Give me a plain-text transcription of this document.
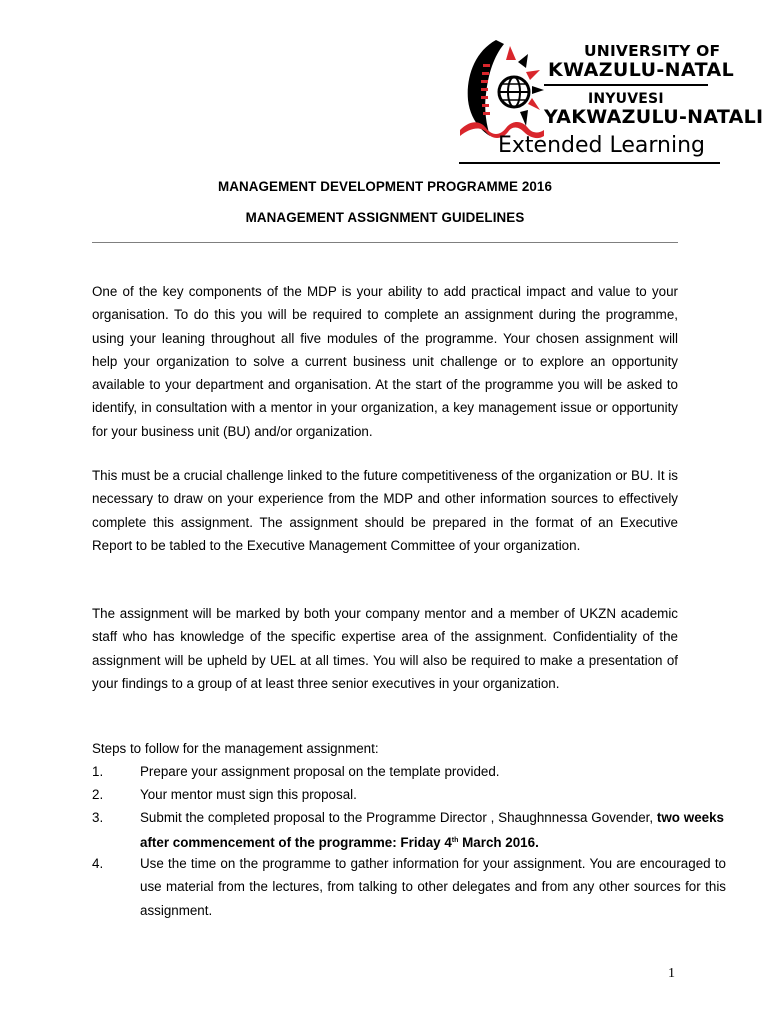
UNIVERSITY OF
KWAZULU-NATAL
INYUVESI
YAKWAZULU-NATALI
Extended Learning
MANAGEMENT DEVELOPMENT PROGRAMME 2016
MANAGEMENT ASSIGNMENT GUIDELINES
One of the key components of the MDP is your ability to add practical impact and value to your organisation. To do this you will be required to complete an assignment during the programme, using your leaning throughout all five modules of the programme. Your chosen assignment will help your organization to solve a current business unit challenge or to explore an opportunity available to your department and organisation. At the start of the programme you will be asked to identify, in consultation with a mentor in your organization, a key management issue or opportunity for your business unit (BU) and/or organization.
This must be a crucial challenge linked to the future competitiveness of the organization or BU. It is necessary to draw on your experience from the MDP and other information sources to effectively complete this assignment. The assignment should be prepared in the format of an Executive Report to be tabled to the Executive Management Committee of your organization.
The assignment will be marked by both your company mentor and a member of UKZN academic staff who has knowledge of the specific expertise area of the assignment. Confidentiality of the assignment will be upheld by UEL at all times. You will also be required to make a presentation of your findings to a group of at least three senior executives in your organization.
Steps to follow for the management assignment:
1.	Prepare your assignment proposal on the template provided.
2.	Your mentor must sign this proposal.
3.	Submit the completed proposal to the Programme Director , Shaughnnessa Govender, two weeks after commencement of the programme: Friday 4th March 2016.
4.	Use the time on the programme to gather information for your assignment. You are encouraged to use material from the lectures, from talking to other delegates and from any other sources for this assignment.
1
